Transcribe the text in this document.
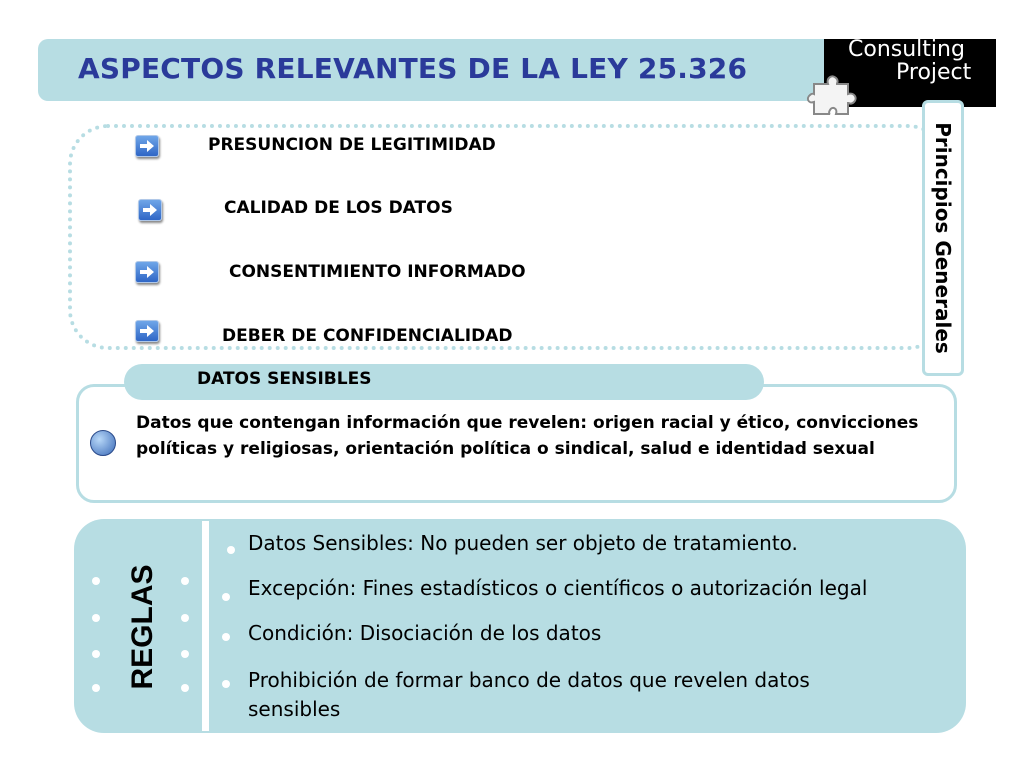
ASPECTOS RELEVANTES DE LA LEY 25.326
Consulting
Project
PRESUNCION DE LEGITIMIDAD
CALIDAD DE LOS DATOS
CONSENTIMIENTO INFORMADO
DEBER DE CONFIDENCIALIDAD	Principios Generales
DATOS SENSIBLES
Datos que contengan información que revelen: origen racial y ético, convicciones políticas y religiosas, orientación política o sindical, salud e identidad sexual
REGLAS
Datos Sensibles: No pueden ser objeto de tratamiento.
Excepción: Fines estadísticos o científicos o autorización legal
Condición: Disociación de los datos
Prohibición de formar banco de datos que revelen datos sensibles
